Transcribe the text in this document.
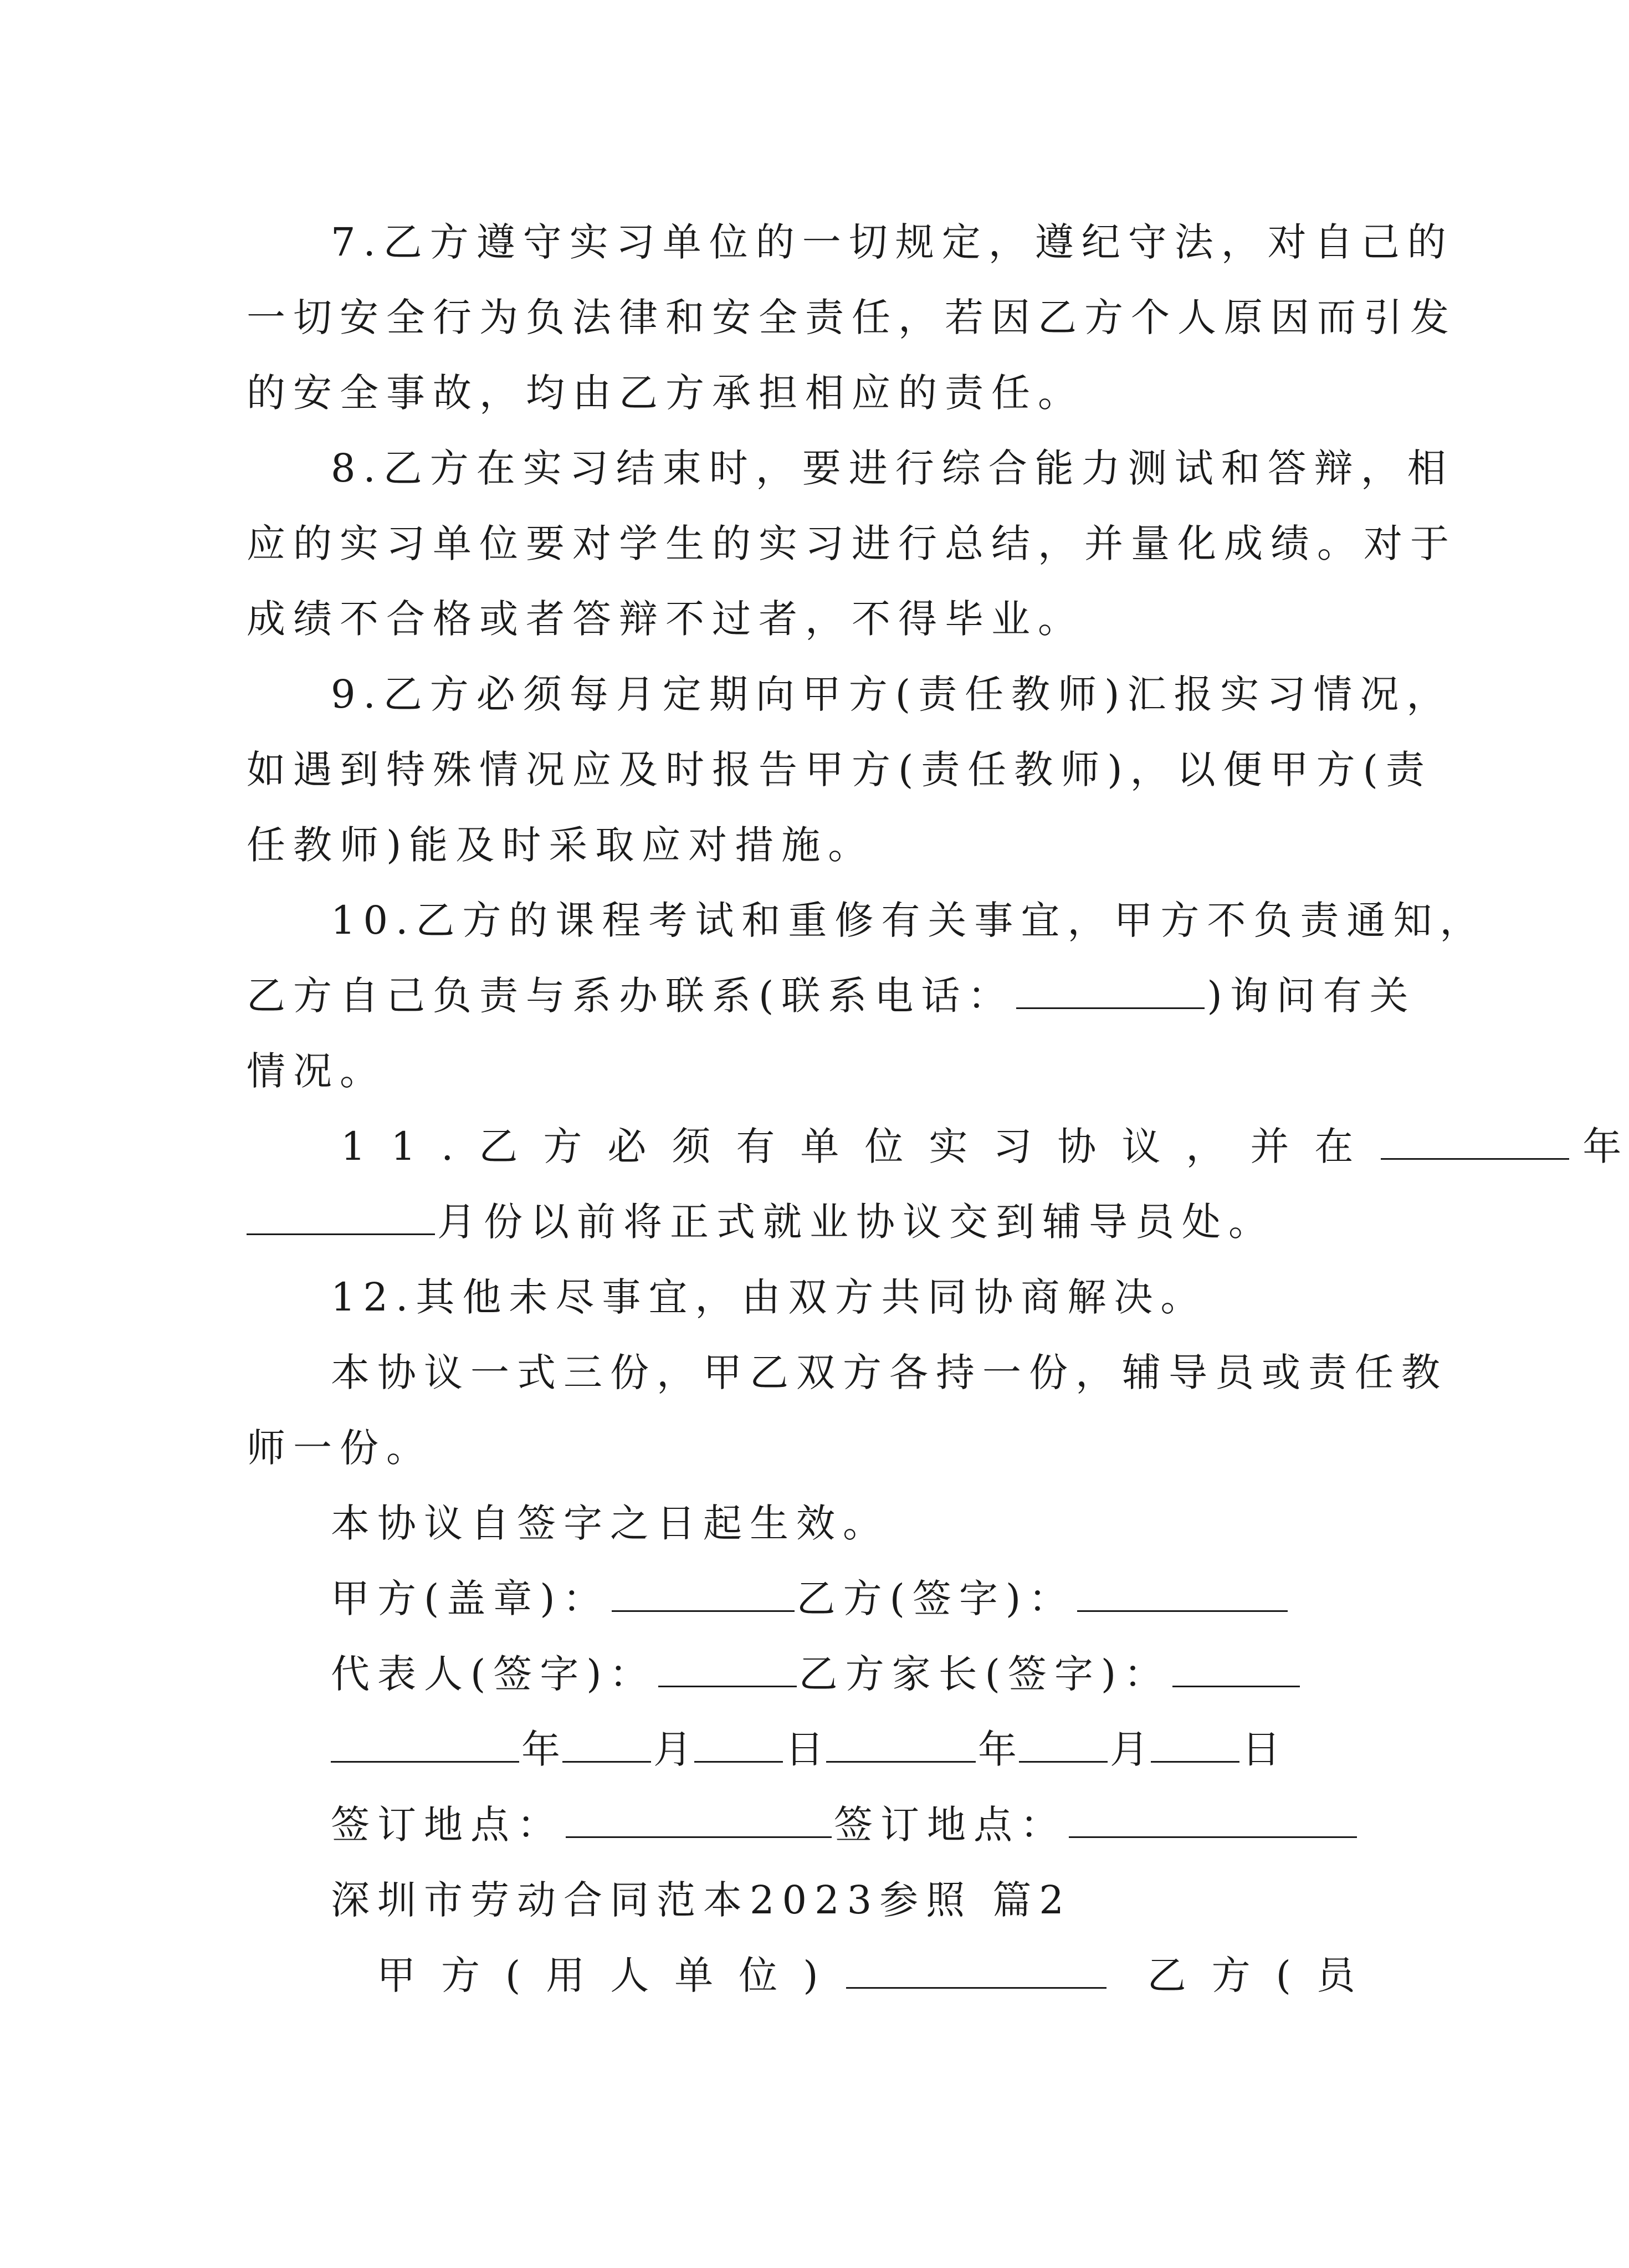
7.乙方遵守实习单位的一切规定，遵纪守法，对自己的
一切安全行为负法律和安全责任，若因乙方个人原因而引发
的安全事故，均由乙方承担相应的责任。
8.乙方在实习结束时，要进行综合能力测试和答辩，相
应的实习单位要对学生的实习进行总结，并量化成绩。对于
成绩不合格或者答辩不过者，不得毕业。
9.乙方必须每月定期向甲方(责任教师)汇报实习情况，
如遇到特殊情况应及时报告甲方(责任教师)，以便甲方(责
任教师)能及时采取应对措施。
10.乙方的课程考试和重修有关事宜，甲方不负责通知，
乙方自己负责与系办联系(联系电话：	)询问有关
情况。
11.乙方必须有单位实习协议，并在	年
月份以前将正式就业协议交到辅导员处。
12.其他未尽事宜，由双方共同协商解决。
本协议一式三份，甲乙双方各持一份，辅导员或责任教
师一份。
本协议自签字之日起生效。
甲方(盖章)：	乙方(签字)：
代表人(签字)：	乙方家长(签字)：
年 月 日	年 月 日
签订地点：	签订地点：
深圳市劳动合同范本2023参照 篇2
甲方(用人单位)	乙方(员
